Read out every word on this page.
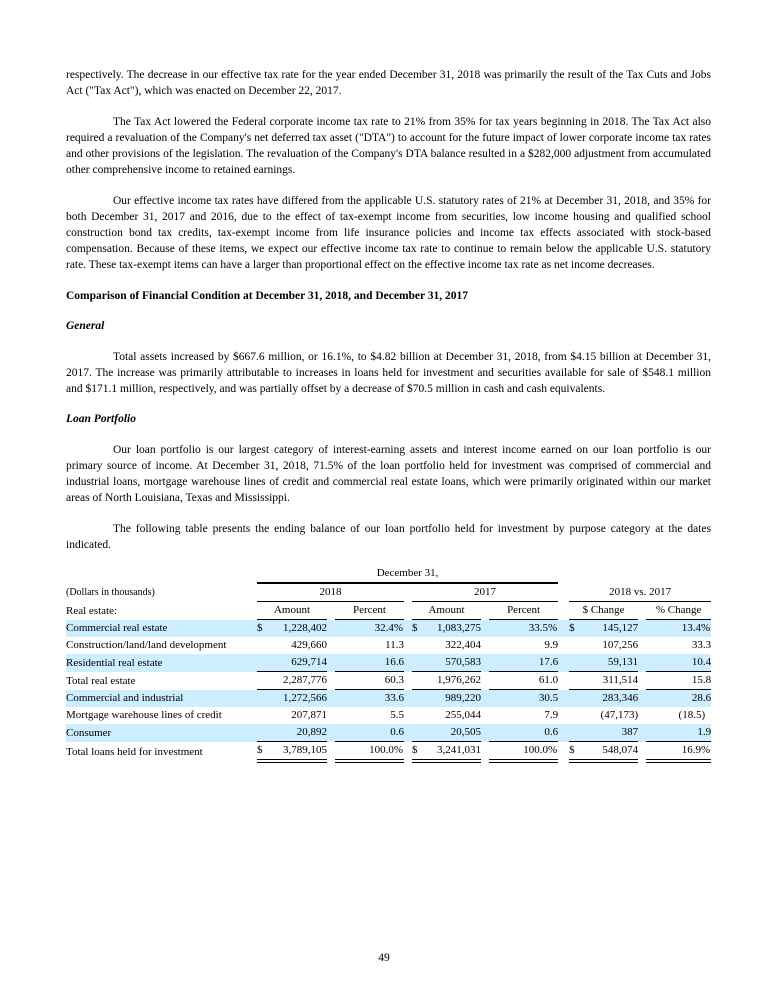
respectively. The decrease in our effective tax rate for the year ended December 31, 2018 was primarily the result of the Tax Cuts and Jobs Act ("Tax Act"), which was enacted on December 22, 2017.

The Tax Act lowered the Federal corporate income tax rate to 21% from 35% for tax years beginning in 2018. The Tax Act also required a revaluation of the Company's net deferred tax asset ("DTA") to account for the future impact of lower corporate income tax rates and other provisions of the legislation. The revaluation of the Company's DTA balance resulted in a $282,000 adjustment from accumulated other comprehensive income to retained earnings.

Our effective income tax rates have differed from the applicable U.S. statutory rates of 21% at December 31, 2018, and 35% for both December 31, 2017 and 2016, due to the effect of tax-exempt income from securities, low income housing and qualified school construction bond tax credits, tax-exempt income from life insurance policies and income tax effects associated with stock-based compensation. Because of these items, we expect our effective income tax rate to continue to remain below the applicable U.S. statutory rate. These tax-exempt items can have a larger than proportional effect on the effective income tax rate as net income decreases.

Comparison of Financial Condition at December 31, 2018, and December 31, 2017
General

Total assets increased by $667.6 million, or 16.1%, to $4.82 billion at December 31, 2018, from $4.15 billion at December 31, 2017. The increase was primarily attributable to increases in loans held for investment and securities available for sale of $548.1 million and $171.1 million, respectively, and was partially offset by a decrease of $70.5 million in cash and cash equivalents.

Loan Portfolio

Our loan portfolio is our largest category of interest-earning assets and interest income earned on our loan portfolio is our primary source of income. At December 31, 2018, 71.5% of the loan portfolio held for investment was comprised of commercial and industrial loans, mortgage warehouse lines of credit and commercial real estate loans, which were primarily originated within our market areas of North Louisiana, Texas and Mississippi.

The following table presents the ending balance of our loan portfolio held for investment by purpose category at the dates indicated.

	December 31,													
(Dollars in thousands)	2018					2017					2018 vs. 2017			
Real estate:	Amount			Percent		Amount			Percent		$ Change			% Change
Commercial real estate	$	1,228,402		32.4%		$	1,083,275		33.5%		$	145,127		13.4%
Construction/land/land development		429,660		11.3			322,404		9.9			107,256		33.3
Residential real estate		629,714		16.6			570,583		17.6			59,131		10.4
Total real estate		2,287,776		60.3			1,976,262		61.0			311,514		15.8
Commercial and industrial		1,272,566		33.6			989,220		30.5			283,346		28.6
Mortgage warehouse lines of credit		207,871		5.5			255,044		7.9			(47,173)		(18.5)
Consumer		20,892		0.6			20,505		0.6			387		1.9
Total loans held for investment	$	3,789,105		100.0%		$	3,241,031		100.0%		$	548,074		16.9%
49
